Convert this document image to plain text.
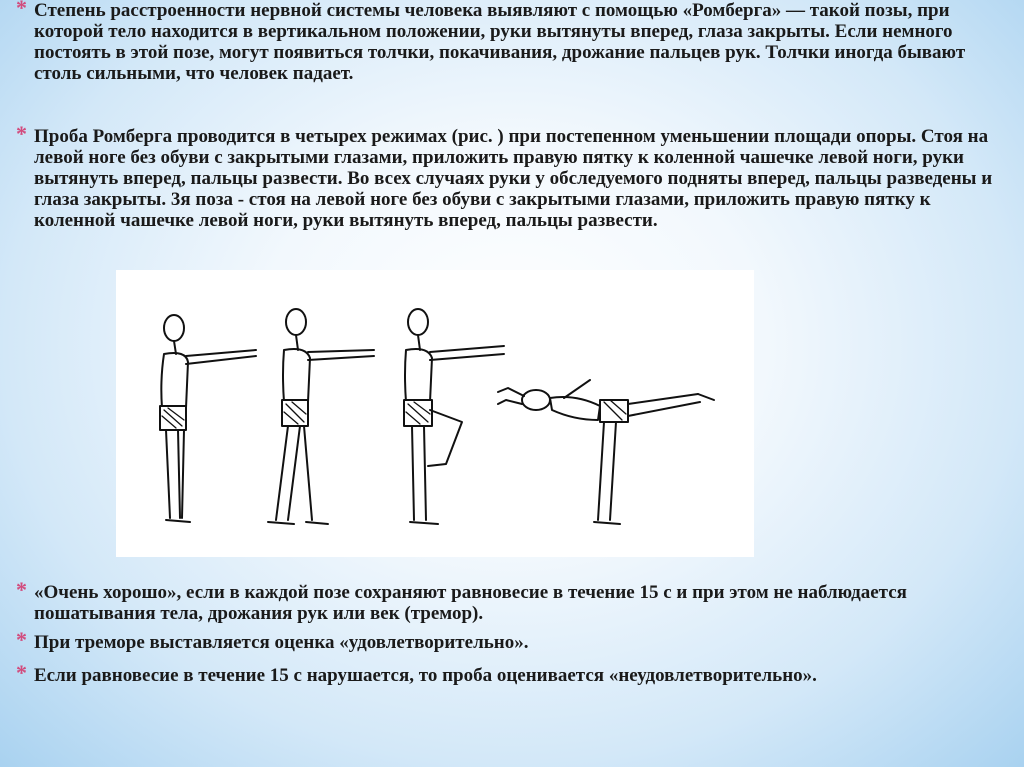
* Степень расстроенности нервной системы человека выявляют с помощью «Ромберга» — такой позы, при которой тело находится в вертикальном положении, руки вытянуты вперед, глаза закрыты. Если немного постоять в этой позе, могут появиться толчки, покачивания, дрожание пальцев рук. Толчки иногда бывают столь сильными, что человек падает.
* Проба Ромберга проводится в четырех режимах (рис. ) при постепенном уменьшении площади опоры. Стоя на левой ноге без обуви с закрытыми глазами, приложить правую пятку к коленной чашечке левой ноги, руки вытянуть вперед, пальцы развести. Во всех случаях руки у обследуемого подняты вперед, пальцы разведены и глаза закрыты. 3я поза - стоя на левой ноге без обуви с закрытыми глазами, приложить правую пятку к коленной чашечке левой ноги, руки вытянуть вперед, пальцы развести.
* «Очень хорошо», если в каждой позе сохраняют равновесие в течение 15 с и при этом не наблюдается пошатывания тела, дрожания рук или век (тремор).
* При треморе выставляется оценка «удовлетворительно».
* Если равновесие в течение 15 с нарушается, то проба оценивается «неудовлетворительно».
